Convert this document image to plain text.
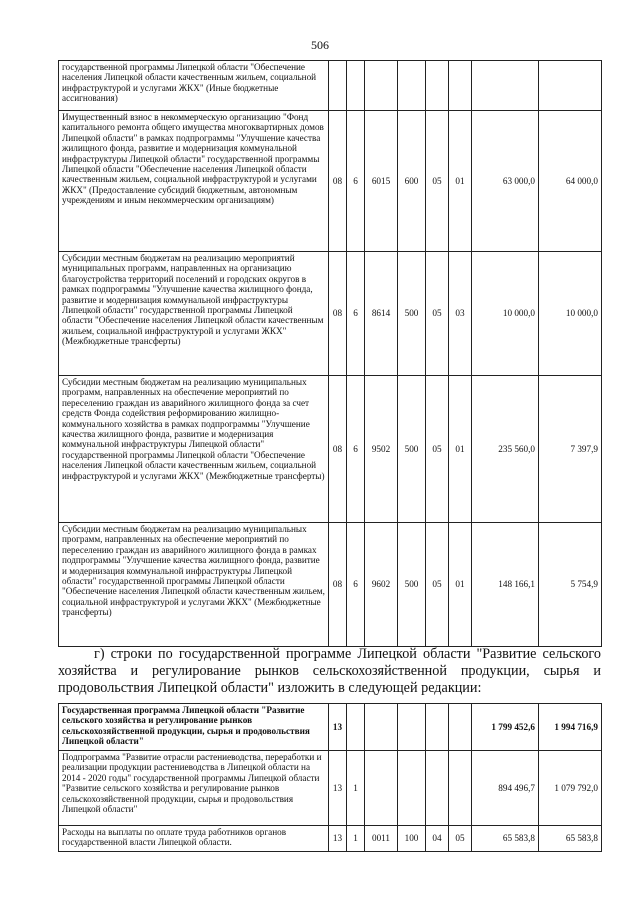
506
государственной программы Липецкой области "Обеспечение населения Липецкой области качественным жильем, социальной инфраструктурой и услугами ЖКХ" (Иные бюджетные ассигнования)								
Имущественный взнос в некоммерческую организацию "Фонд капитального ремонта общего имущества многоквартирных домов Липецкой области" в рамках подпрограммы "Улучшение качества жилищного фонда, развитие и модернизация коммунальной инфраструктуры Липецкой области" государственной программы Липецкой области "Обеспечение населения Липецкой области качественным жильем, социальной инфраструктурой и услугами ЖКХ" (Предоставление субсидий бюджетным, автономным учреждениям и иным некоммерческим организациям)	08	6	6015	600	05	01	63 000,0	64 000,0
Субсидии местным бюджетам на реализацию мероприятий муниципальных программ, направленных на организацию благоустройства территорий поселений и городских округов в рамках подпрограммы "Улучшение качества жилищного фонда, развитие и модернизация коммунальной инфраструктуры Липецкой области" государственной программы Липецкой области "Обеспечение населения Липецкой области качественным жильем, социальной инфраструктурой и услугами ЖКХ" (Межбюджетные трансферты)	08	6	8614	500	05	03	10 000,0	10 000,0
Субсидии местным бюджетам на реализацию муниципальных программ, направленных на обеспечение мероприятий по переселению граждан из аварийного жилищного фонда за счет средств Фонда содействия реформированию жилищно-коммунального хозяйства в рамках подпрограммы "Улучшение качества жилищного фонда, развитие и модернизация коммунальной инфраструктуры Липецкой области" государственной программы Липецкой области "Обеспечение населения Липецкой области качественным жильем, социальной инфраструктурой и услугами ЖКХ" (Межбюджетные трансферты)	08	6	9502	500	05	01	235 560,0	7 397,9
Субсидии местным бюджетам на реализацию муниципальных программ, направленных на обеспечение мероприятий по переселению граждан из аварийного жилищного фонда в рамках подпрограммы "Улучшение качества жилищного фонда, развитие и модернизация коммунальной инфраструктуры Липецкой области" государственной программы Липецкой области "Обеспечение населения Липецкой области качественным жильем, социальной инфраструктурой и услугами ЖКХ" (Межбюджетные трансферты)	08	6	9602	500	05	01	148 166,1	5 754,9
г) строки по государственной программе Липецкой области "Развитие сельского хозяйства и регулирование рынков сельскохозяйственной продукции, сырья и продовольствия Липецкой области" изложить в следующей редакции:
Государственная программа Липецкой области "Развитие сельского хозяйства и регулирование рынков сельскохозяйственной продукции, сырья и продовольствия Липецкой области"	13						1 799 452,6	1 994 716,9
Подпрограмма "Развитие отрасли растениеводства, переработки и реализации продукции растениеводства в Липецкой области на 2014 - 2020 годы" государственной программы Липецкой области "Развитие сельского хозяйства и регулирование рынков сельскохозяйственной продукции, сырья и продовольствия Липецкой области"	13	1					894 496,7	1 079 792,0
Расходы на выплаты по оплате труда работников органов государственной власти Липецкой области.	13	1	0011	100	04	05	65 583,8	65 583,8
